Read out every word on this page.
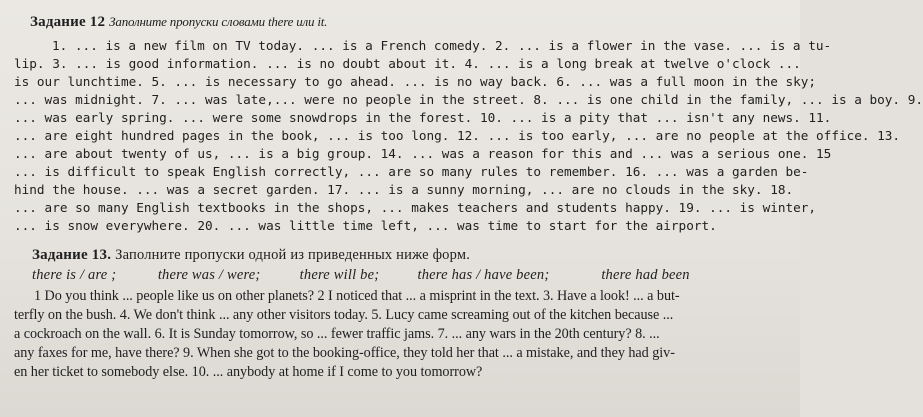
Задание 12 Заполните пропуски словами there или it.
1. ... is a new film on TV today. ... is a French comedy. 2. ... is a flower in the vase. ... is a tu-
lip. 3. ... is good information. ... is no doubt about it. 4. ... is a long break at twelve o'clock ...
is our lunchtime. 5. ... is necessary to go ahead. ... is no way back. 6. ... was a full moon in the sky;
... was midnight. 7. ... was late,... were no people in the street. 8. ... is one child in the family, ... is a boy. 9.
... was early spring. ... were some snowdrops in the forest. 10. ... is a pity that ... isn't any news. 11.
... are eight hundred pages in the book, ... is too long. 12. ... is too early, ... are no people at the office. 13.
... are about twenty of us, ... is a big group. 14. ... was a reason for this and ... was a serious one. 15
... is difficult to speak English correctly, ... are so many rules to remember. 16. ... was a garden be-
hind the house. ... was a secret garden. 17. ... is a sunny morning, ... are no clouds in the sky. 18.
... are so many English textbooks in the shops, ... makes teachers and students happy. 19. ... is winter,
... is snow everywhere. 20. ... was little time left, ... was time to start for the airport.
Задание 13. Заполните пропуски одной из приведенных ниже форм.
there is / are ;	there was / were;	there will be;	there has / have been;	there had been
1 Do you think ... people like us on other planets? 2 I noticed that ... a misprint in the text. 3. Have a look! ... a but-
terfly on the bush. 4. We don't think ... any other visitors today. 5. Lucy came screaming out of the kitchen because ...
a cockroach on the wall. 6. It is Sunday tomorrow, so ... fewer traffic jams. 7. ... any wars in the 20th century? 8. ...
any faxes for me, have there? 9. When she got to the booking-office, they told her that ... a mistake, and they had giv-
en her ticket to somebody else. 10. ... anybody at home if I come to you tomorrow?
